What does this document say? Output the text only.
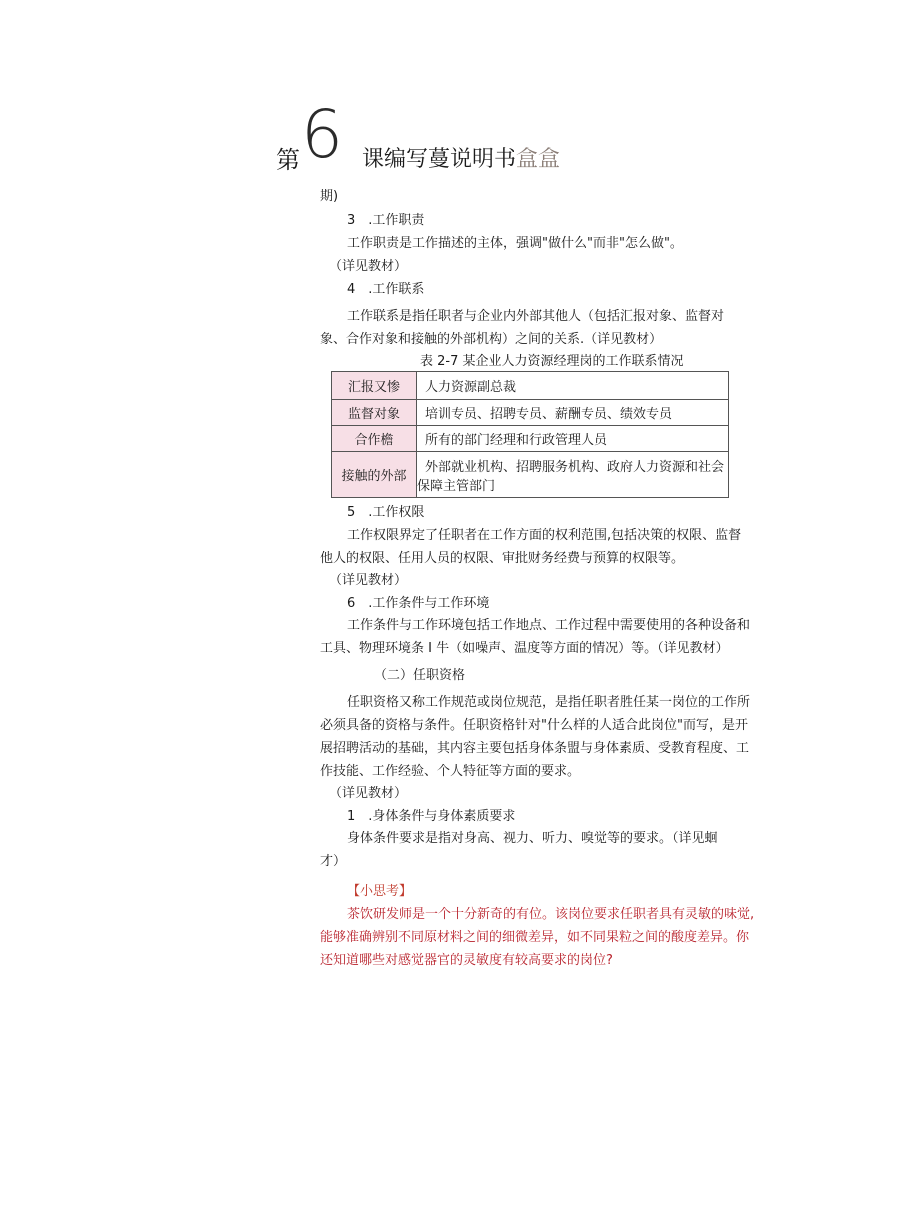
第 6 课编写蔓说明书盒盒
期)
3　.工作职责
工作职责是工作描述的主体，强调"做什么"而非"怎么做"。
（详见教材）
4　.工作联系
工作联系是指任职者与企业内外部其他人（包括汇报对象、监督对
象、合作对象和接触的外部机构）之间的关系.（详见教材）
表 2-7 某企业人力资源经理岗的工作联系情况
汇报又惨	人力资源副总裁
监督对象	培训专员、招聘专员、薪酬专员、绩效专员
合作檐	所有的部门经理和行政管理人员
接触的外部	外部就业机构、招聘服务机构、政府人力资源和社会
保障主管部门
5　.工作权限
工作权限界定了任职者在工作方面的权利范围,包括决策的权限、监督
他人的权限、任用人员的权限、审批财务经费与预算的权限等。
（详见教材）
6　.工作条件与工作环境
工作条件与工作环境包括工作地点、工作过程中需要使用的各种设备和
工具、物理环境条 I 牛（如噪声、温度等方面的情况）等。（详见教材）
（二）任职资格
任职资格又称工作规范或岗位规范，是指任职者胜任某一岗位的工作所
必须具备的资格与条件。任职资格针对"什么样的人适合此岗位"而写，是开
展招聘活动的基础，其内容主要包括身体条盟与身体素质、受教育程度、工
作技能、工作经验、个人特征等方面的要求。
（详见教材）
1　.身体条件与身体素质要求
身体条件要求是指对身高、视力、听力、嗅觉等的要求。（详见蛔
才）
【小思考】
茶饮研发师是一个十分新奇的有位。该岗位要求任职者具有灵敏的味觉,
能够准确辨别不同原材料之间的细微差异，如不同果粒之间的酸度差异。你
还知道哪些对感觉器官的灵敏度有较高要求的岗位?
